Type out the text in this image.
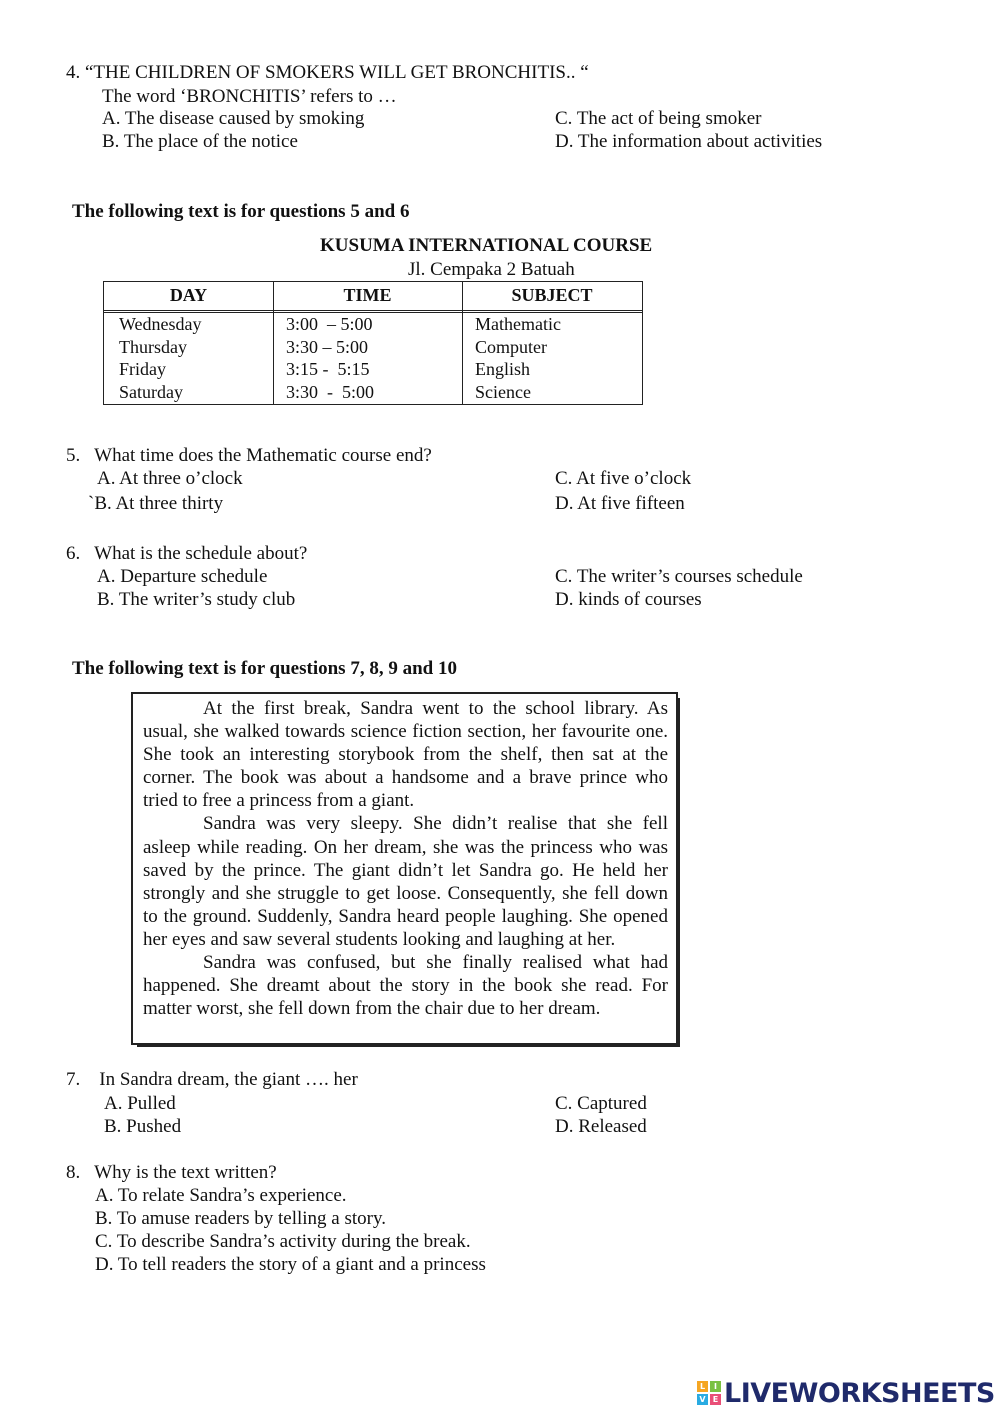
4. “THE CHILDREN OF SMOKERS WILL GET BRONCHITIS.. “
The word ‘BRONCHITIS’ refers to …
A. The disease caused by smoking
B. The place of the notice
C. The act of being smoker
D. The information about activities
The following text is for questions 5 and 6
KUSUMA INTERNATIONAL COURSE
Jl. Cempaka 2 Batuah
DAY	TIME	SUBJECT
Wednesday	3:00  – 5:00	Mathematic
Thursday	3:30 – 5:00	Computer
Friday	3:15 -  5:15	English
Saturday	3:30  -  5:00	Science
5.   What time does the Mathematic course end?
A. At three o’clock
`B. At three thirty
C. At five o’clock
D. At five fifteen
6.   What is the schedule about?
A. Departure schedule
B. The writer’s study club
C. The writer’s courses schedule
D. kinds of courses
The following text is for questions 7, 8, 9 and 10

At the first break, Sandra went to the school library. As usual, she walked towards science fiction section, her favourite one. She took an interesting storybook from the shelf, then sat at the corner. The book was about a handsome and a brave prince who tried to free a princess from a giant.

Sandra was very sleepy. She didn’t realise that she fell asleep while reading. On her dream, she was the princess who was saved by the prince. The giant didn’t let Sandra go. He held her strongly and she struggle to get loose. Consequently, she fell down to the ground. Suddenly, Sandra heard people laughing. She opened her eyes and saw several students looking and laughing at her.

Sandra was confused, but she finally realised what had happened. She dreamt about the story in the book she read. For matter worst, she fell down from the chair due to her dream.

7.    In Sandra dream, the giant …. her
A. Pulled
B. Pushed
C. Captured
D. Released
8.   Why is the text written?
A. To relate Sandra’s experience.
B. To amuse readers by telling a story.
C. To describe Sandra’s activity during the break.
D. To tell readers the story of a giant and a princess
L	I
V E LIVEWORKSHEETS
